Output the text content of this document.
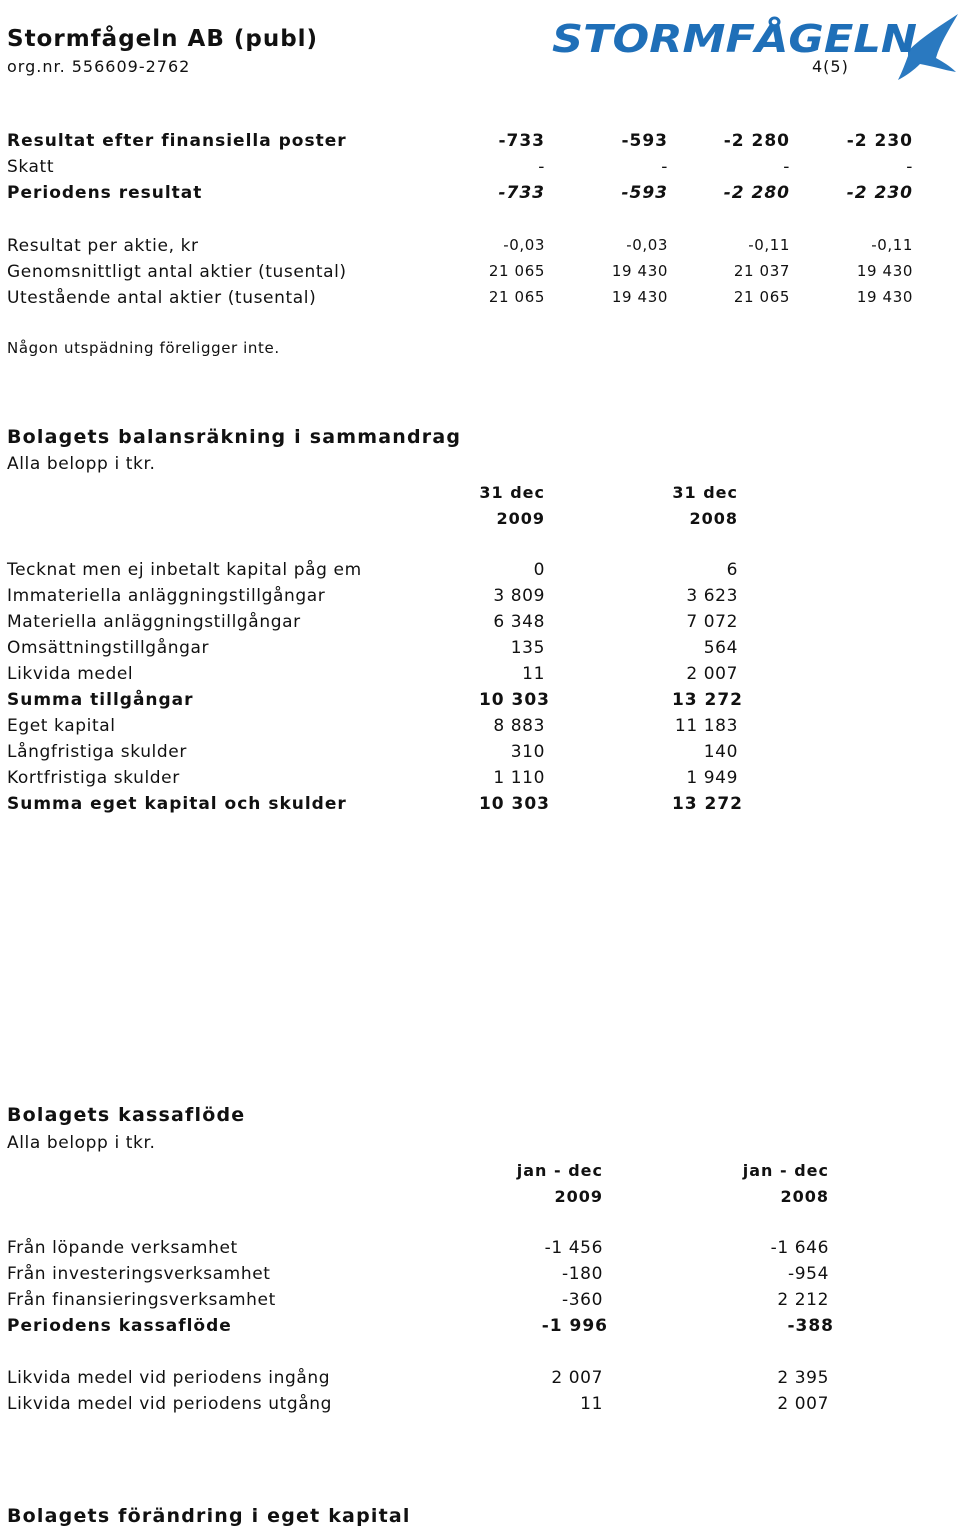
Stormfågeln AB (publ)
org.nr. 556609-2762	4(5)
STORMFÅGELN
Resultat efter finansiella poster	-733	-593	-2 280	-2 230
Skatt	-	-	-	-
Periodens resultat	-733	-593	-2 280	-2 230
Resultat per aktie, kr	-0,03	-0,03	-0,11	-0,11
Genomsnittligt antal aktier (tusental)	21 065	19 430	21 037	19 430
Utestående antal aktier (tusental)	21 065	19 430	21 065	19 430
Någon utspädning föreligger inte.
Bolagets balansräkning i sammandrag
Alla belopp i tkr.
31 dec	31 dec
2009	2008
Tecknat men ej inbetalt kapital påg em	0	6
Immateriella anläggningstillgångar	3 809	3 623
Materiella anläggningstillgångar	6 348	7 072
Omsättningstillgångar	135	564
Likvida medel	11	2 007
Summa tillgångar	10 303	13 272
Eget kapital	8 883	11 183
Långfristiga skulder	310	140
Kortfristiga skulder	1 110	1 949
Summa eget kapital och skulder	10 303	13 272
Bolagets kassaflöde
Alla belopp i tkr.
jan - dec	jan - dec
2009	2008
Från löpande verksamhet	-1 456	-1 646
Från investeringsverksamhet	-180	-954
Från finansieringsverksamhet	-360	2 212
Periodens kassaflöde	-1 996	-388
Likvida medel vid periodens ingång	2 007	2 395
Likvida medel vid periodens utgång	11	2 007
Bolagets förändring i eget kapital
